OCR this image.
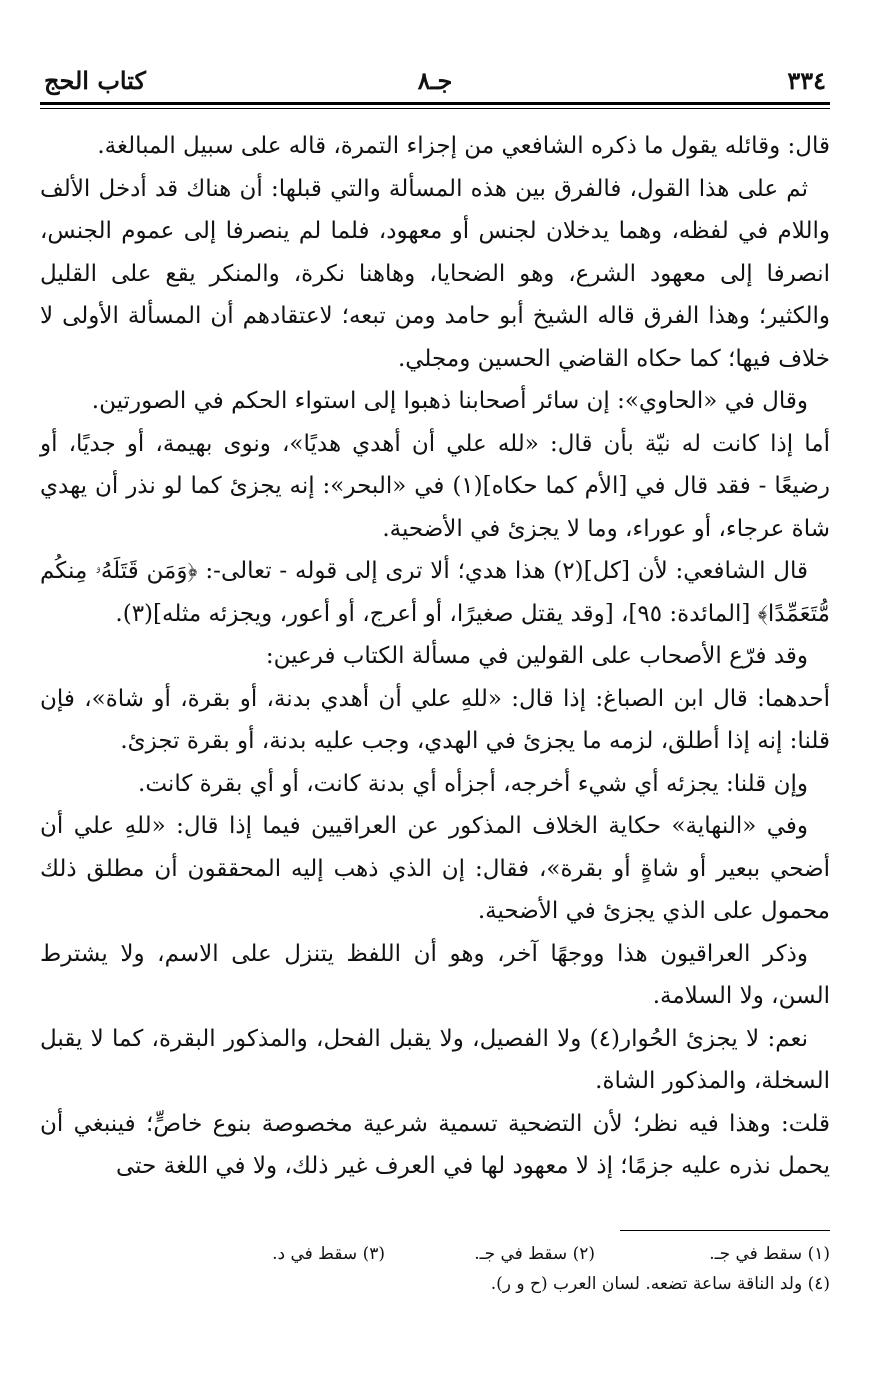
٣٣٤
جـ٨
كتاب الحج

قال: وقائله يقول ما ذكره الشافعي من إجزاء التمرة، قاله على سبيل المبالغة.

ثم على هذا القول، فالفرق بين هذه المسألة والتي قبلها: أن هناك قد أدخل الألف واللام في لفظه، وهما يدخلان لجنس أو معهود، فلما لم ينصرفا إلى عموم الجنس، انصرفا إلى معهود الشرع، وهو الضحايا، وهاهنا نكرة، والمنكر يقع على القليل والكثير؛ وهذا الفرق قاله الشيخ أبو حامد ومن تبعه؛ لاعتقادهم أن المسألة الأولى لا خلاف فيها؛ كما حكاه القاضي الحسين ومجلي.

وقال في «الحاوي»: إن سائر أصحابنا ذهبوا إلى استواء الحكم في الصورتين.

أما إذا كانت له نيّة بأن قال: «لله علي أن أهدي هديًا»، ونوى بهيمة، أو جديًا، أو رضيعًا - فقد قال في [الأم كما حكاه](١) في «البحر»: إنه يجزئ كما لو نذر أن يهدي شاة عرجاء، أو عوراء، وما لا يجزئ في الأضحية.

قال الشافعي: لأن [كل](٢) هذا هدي؛ ألا ترى إلى قوله - تعالى-: ﴿وَمَن قَتَلَهُۥ مِنكُم مُّتَعَمِّدًا﴾ [المائدة: ٩٥]، [وقد يقتل صغيرًا، أو أعرج، أو أعور، ويجزئه مثله](٣).

وقد فرّع الأصحاب على القولين في مسألة الكتاب فرعين:

أحدهما: قال ابن الصباغ: إذا قال: «للهِ علي أن أهدي بدنة، أو بقرة، أو شاة»، فإن قلنا: إنه إذا أطلق، لزمه ما يجزئ في الهدي، وجب عليه بدنة، أو بقرة تجزئ.

وإن قلنا: يجزئه أي شيء أخرجه، أجزأه أي بدنة كانت، أو أي بقرة كانت.

وفي «النهاية» حكاية الخلاف المذكور عن العراقيين فيما إذا قال: «للهِ علي أن أضحي ببعير أو شاةٍ أو بقرة»، فقال: إن الذي ذهب إليه المحققون أن مطلق ذلك محمول على الذي يجزئ في الأضحية.

وذكر العراقيون هذا ووجهًا آخر، وهو أن اللفظ يتنزل على الاسم، ولا يشترط السن، ولا السلامة.

نعم: لا يجزئ الحُوار(٤) ولا الفصيل، ولا يقبل الفحل، والمذكور البقرة، كما لا يقبل السخلة، والمذكور الشاة.

قلت: وهذا فيه نظر؛ لأن التضحية تسمية شرعية مخصوصة بنوع خاصٍّ؛ فينبغي أن يحمل نذره عليه جزمًا؛ إذ لا معهود لها في العرف غير ذلك، ولا في اللغة حتى

(١) سقط في جـ.
(٢) سقط في جـ.
(٣) سقط في د.

(٤) ولد الناقة ساعة تضعه. لسان العرب (ح و ر).
